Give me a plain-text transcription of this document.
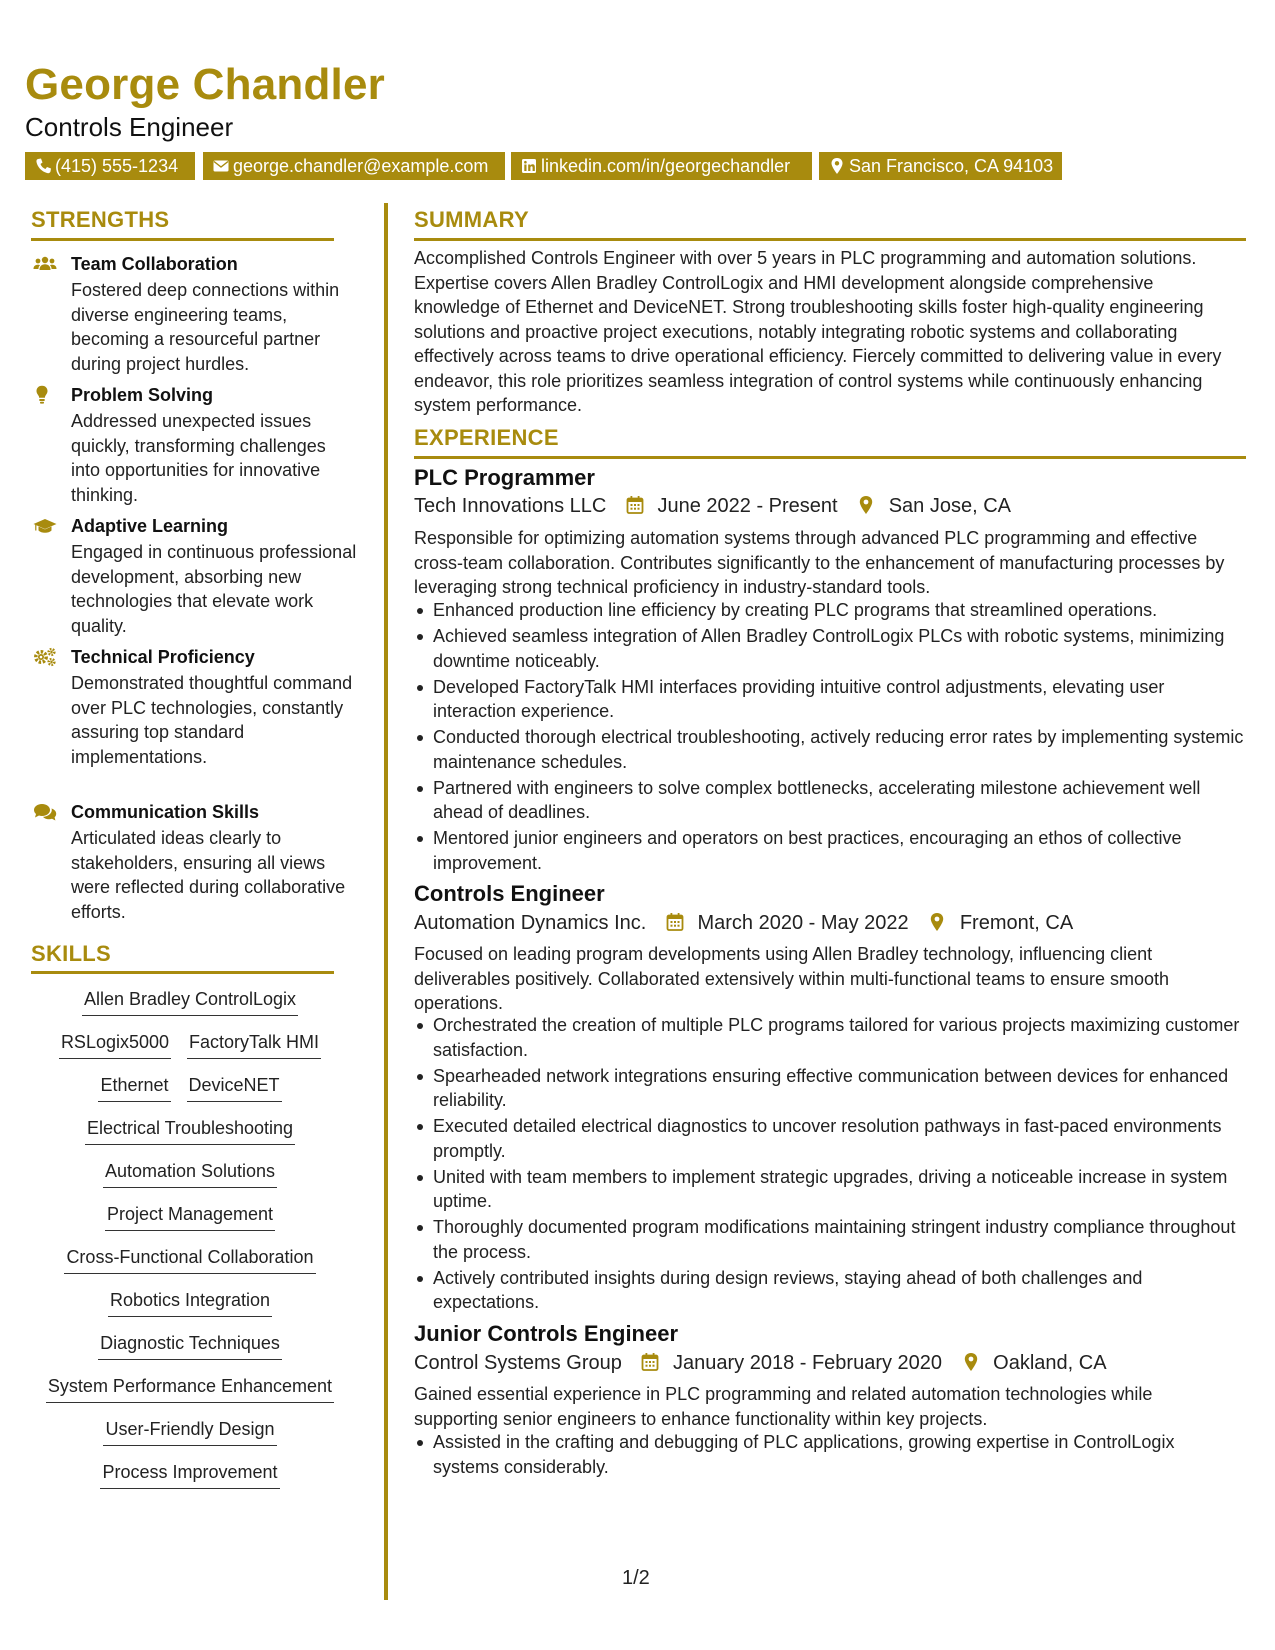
George Chandler
Controls Engineer
(415) 555-1234	george.chandler@example.com	linkedin.com/in/georgechandler	San Francisco, CA 94103
STRENGTHS
Team Collaboration
Fostered deep connections within diverse engineering teams, becoming a resourceful partner during project hurdles.
Problem Solving
Addressed unexpected issues quickly, transforming challenges into opportunities for innovative thinking.
Adaptive Learning
Engaged in continuous professional development, absorbing new technologies that elevate work quality.
Technical Proficiency
Demonstrated thoughtful command over PLC technologies, constantly assuring top standard implementations.
Communication Skills
Articulated ideas clearly to stakeholders, ensuring all views were reflected during collaborative efforts.
SKILLS
Allen Bradley ControlLogix
RSLogix5000 FactoryTalk HMI
Ethernet DeviceNET
Electrical Troubleshooting
Automation Solutions
Project Management
Cross-Functional Collaboration
Robotics Integration
Diagnostic Techniques
System Performance Enhancement
User-Friendly Design
Process Improvement
SUMMARY
Accomplished Controls Engineer with over 5 years in PLC programming and automation solutions. Expertise covers Allen Bradley ControlLogix and HMI development alongside comprehensive knowledge of Ethernet and DeviceNET. Strong troubleshooting skills foster high-quality engineering solutions and proactive project executions, notably integrating robotic systems and collaborating effectively across teams to drive operational efficiency. Fiercely committed to delivering value in every endeavor, this role prioritizes seamless integration of control systems while continuously enhancing system performance.
EXPERIENCE
PLC Programmer
Tech Innovations LLC	June 2022 - Present	San Jose, CA
Responsible for optimizing automation systems through advanced PLC programming and effective cross-team collaboration. Contributes significantly to the enhancement of manufacturing processes by leveraging strong technical proficiency in industry-standard tools.
Enhanced production line efficiency by creating PLC programs that streamlined operations.
Achieved seamless integration of Allen Bradley ControlLogix PLCs with robotic systems, minimizing downtime noticeably.
Developed FactoryTalk HMI interfaces providing intuitive control adjustments, elevating user interaction experience.
Conducted thorough electrical troubleshooting, actively reducing error rates by implementing systemic maintenance schedules.
Partnered with engineers to solve complex bottlenecks, accelerating milestone achievement well ahead of deadlines.
Mentored junior engineers and operators on best practices, encouraging an ethos of collective improvement.
Controls Engineer
Automation Dynamics Inc.	March 2020 - May 2022	Fremont, CA
Focused on leading program developments using Allen Bradley technology, influencing client deliverables positively. Collaborated extensively within multi-functional teams to ensure smooth operations.
Orchestrated the creation of multiple PLC programs tailored for various projects maximizing customer satisfaction.
Spearheaded network integrations ensuring effective communication between devices for enhanced reliability.
Executed detailed electrical diagnostics to uncover resolution pathways in fast-paced environments promptly.
United with team members to implement strategic upgrades, driving a noticeable increase in system uptime.
Thoroughly documented program modifications maintaining stringent industry compliance throughout the process.
Actively contributed insights during design reviews, staying ahead of both challenges and expectations.
Junior Controls Engineer
Control Systems Group	January 2018 - February 2020	Oakland, CA
Gained essential experience in PLC programming and related automation technologies while supporting senior engineers to enhance functionality within key projects.
Assisted in the crafting and debugging of PLC applications, growing expertise in ControlLogix systems considerably.
1/2
